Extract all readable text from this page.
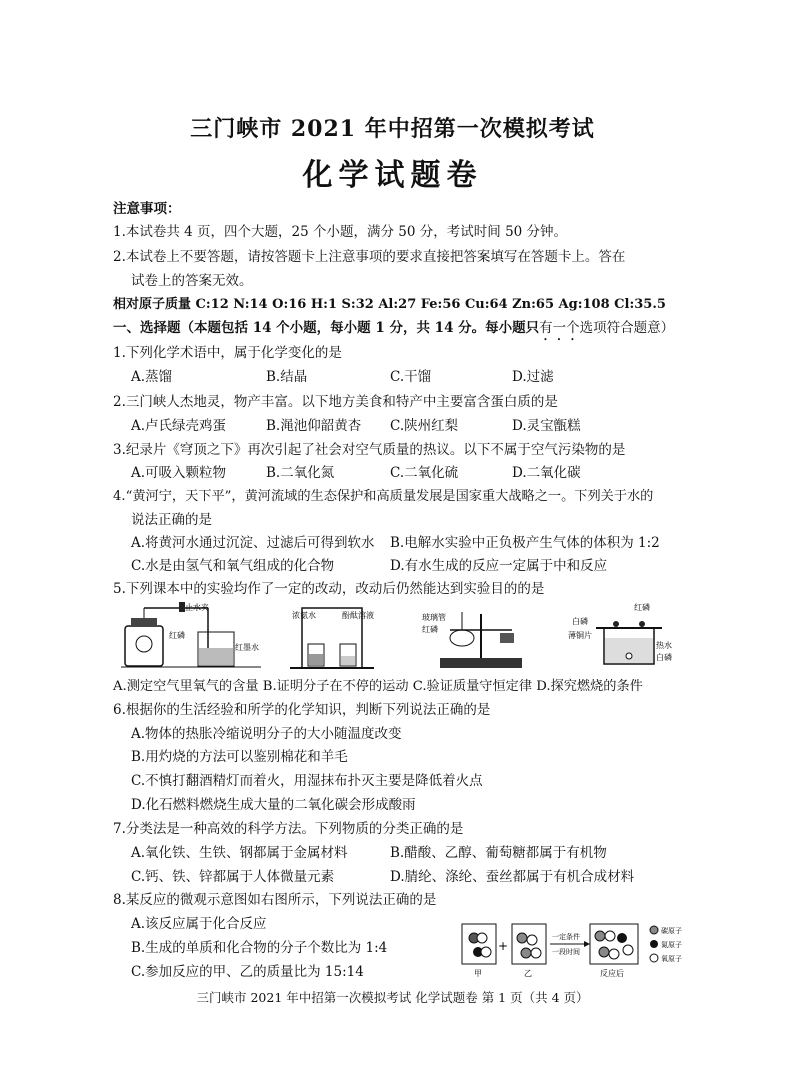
三门峡市 2021 年中招第一次模拟考试
化学试题卷
注意事项：
1.本试卷共 4 页，四个大题，25 个小题，满分 50 分，考试时间 50 分钟。
2.本试卷上不要答题，请按答题卡上注意事项的要求直接把答案填写在答题卡上。答在
试卷上的答案无效。
相对原子质量 C:12 N:14 O:16 H:1 S:32 Al:27 Fe:56 Cu:64 Zn:65 Ag:108 Cl:35.5
一、选择题（本题包括 14 个小题，每小题 1 分，共 14 分。每小题只有一个选项符合题意）
1.下列化学术语中，属于化学变化的是
A.蒸馏	B.结晶	C.干馏	D.过滤
2.三门峡人杰地灵，物产丰富。以下地方美食和特产中主要富含蛋白质的是
A.卢氏绿壳鸡蛋	B.渑池仰韶黄杏 C.陕州红梨	D.灵宝甑糕
3.纪录片《穹顶之下》再次引起了社会对空气质量的热议。以下不属于空气污染物的是
A.可吸入颗粒物	B.二氧化氮	C.二氧化硫	D.二氧化碳
4.“黄河宁，天下平”，黄河流域的生态保护和高质量发展是国家重大战略之一。下列关于水的
说法正确的是
A.将黄河水通过沉淀、过滤后可得到软水 B.电解水实验中正负极产生气体的体积为 1:2
C.水是由氢气和氧气组成的化合物	D.有水生成的反应一定属于中和反应
5.下列课本中的实验均作了一定的改动，改动后仍然能达到实验目的的是
止水夹
红磷
红墨水
浓氨水	酚酞溶液	玻璃管
红磷
白磷
红磷
薄铜片
热水
白磷
A.测定空气里氧气的含量 B.证明分子在不停的运动 C.验证质量守恒定律 D.探究燃烧的条件
6.根据你的生活经验和所学的化学知识，判断下列说法正确的是
A.物体的热胀冷缩说明分子的大小随温度改变
B.用灼烧的方法可以鉴别棉花和羊毛
C.不慎打翻酒精灯而着火，用湿抹布扑灭主要是降低着火点
D.化石燃料燃烧生成大量的二氧化碳会形成酸雨
7.分类法是一种高效的科学方法。下列物质的分类正确的是
A.氧化铁、生铁、钢都属于金属材料	B.醋酸、乙醇、葡萄糖都属于有机物
C.钙、铁、锌都属于人体微量元素	D.腈纶、涤纶、蚕丝都属于有机合成材料
8.某反应的微观示意图如右图所示，下列说法正确的是
A.该反应属于化合反应
B.生成的单质和化合物的分子个数比为 1:4
C.参加反应的甲、乙的质量比为 15:14
+
甲	乙	反应后
一定条件
一段时间
碳原子
氮原子
氧原子
三门峡市 2021 年中招第一次模拟考试 化学试题卷 第 1 页（共 4 页）
